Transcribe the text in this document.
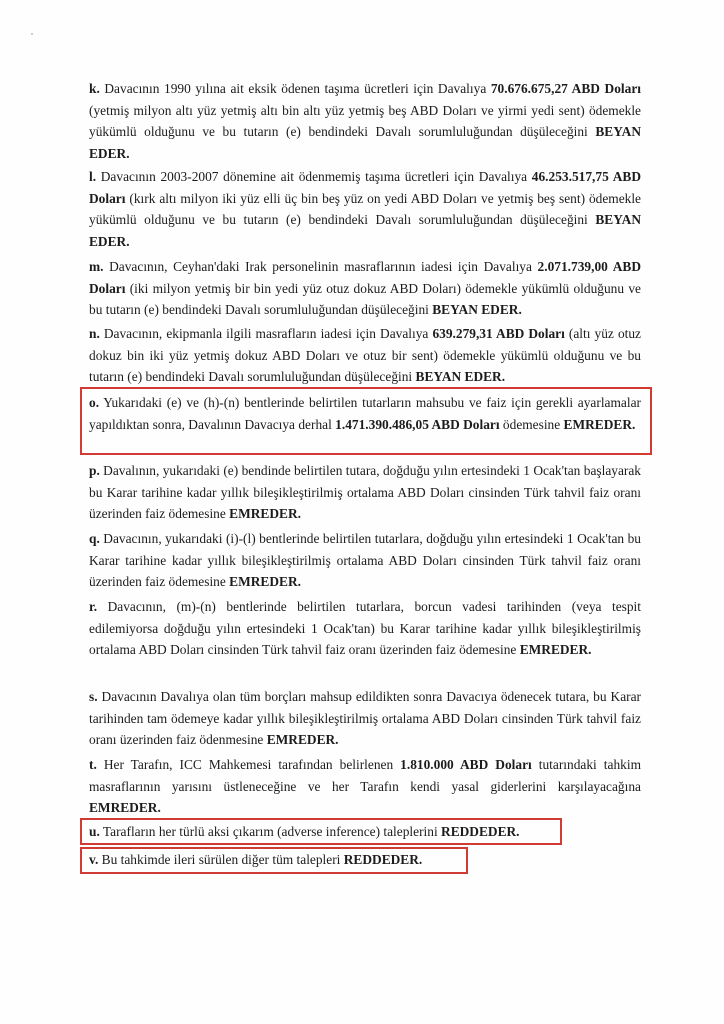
k. Davacının 1990 yılına ait eksik ödenen taşıma ücretleri için Davalıya 70.676.675,27 ABD Doları (yetmiş milyon altı yüz yetmiş altı bin altı yüz yetmiş beş ABD Doları ve yirmi yedi sent) ödemekle yükümlü olduğunu ve bu tutarın (e) bendindeki Davalı sorumluluğundan düşüleceğini BEYAN EDER.

l. Davacının 2003-2007 dönemine ait ödenmemiş taşıma ücretleri için Davalıya 46.253.517,75 ABD Doları (kırk altı milyon iki yüz elli üç bin beş yüz on yedi ABD Doları ve yetmiş beş sent) ödemekle yükümlü olduğunu ve bu tutarın (e) bendindeki Davalı sorumluluğundan düşüleceğini BEYAN EDER.

m. Davacının, Ceyhan'daki Irak personelinin masraflarının iadesi için Davalıya 2.071.739,00 ABD Doları (iki milyon yetmiş bir bin yedi yüz otuz dokuz ABD Doları) ödemekle yükümlü olduğunu ve bu tutarın (e) bendindeki Davalı sorumluluğundan düşüleceğini BEYAN EDER.

n. Davacının, ekipmanla ilgili masrafların iadesi için Davalıya 639.279,31 ABD Doları (altı yüz otuz dokuz bin iki yüz yetmiş dokuz ABD Doları ve otuz bir sent) ödemekle yükümlü olduğunu ve bu tutarın (e) bendindeki Davalı sorumluluğundan düşüleceğini BEYAN EDER.

o. Yukarıdaki (e) ve (h)-(n) bentlerinde belirtilen tutarların mahsubu ve faiz için gerekli ayarlamalar yapıldıktan sonra, Davalının Davacıya derhal 1.471.390.486,05 ABD Doları ödemesine EMREDER.

p. Davalının, yukarıdaki (e) bendinde belirtilen tutara, doğduğu yılın ertesindeki 1 Ocak'tan başlayarak bu Karar tarihine kadar yıllık bileşikleştirilmiş ortalama ABD Doları cinsinden Türk tahvil faiz oranı üzerinden faiz ödemesine EMREDER.

q. Davacının, yukarıdaki (i)-(l) bentlerinde belirtilen tutarlara, doğduğu yılın ertesindeki 1 Ocak'tan bu Karar tarihine kadar yıllık bileşikleştirilmiş ortalama ABD Doları cinsinden Türk tahvil faiz oranı üzerinden faiz ödemesine EMREDER.

r. Davacının, (m)-(n) bentlerinde belirtilen tutarlara, borcun vadesi tarihinden (veya tespit edilemiyorsa doğduğu yılın ertesindeki 1 Ocak'tan) bu Karar tarihine kadar yıllık bileşikleştirilmiş ortalama ABD Doları cinsinden Türk tahvil faiz oranı üzerinden faiz ödemesine EMREDER.

s. Davacının Davalıya olan tüm borçları mahsup edildikten sonra Davacıya ödenecek tutara, bu Karar tarihinden tam ödemeye kadar yıllık bileşikleştirilmiş ortalama ABD Doları cinsinden Türk tahvil faiz oranı üzerinden faiz ödenmesine EMREDER.

t. Her Tarafın, ICC Mahkemesi tarafından belirlenen 1.810.000 ABD Doları tutarındaki tahkim masraflarının yarısını üstleneceğine ve her Tarafın kendi yasal giderlerini karşılayacağına EMREDER.

u. Tarafların her türlü aksi çıkarım (adverse inference) taleplerini REDDEDER.

v. Bu tahkimde ileri sürülen diğer tüm talepleri REDDEDER.
